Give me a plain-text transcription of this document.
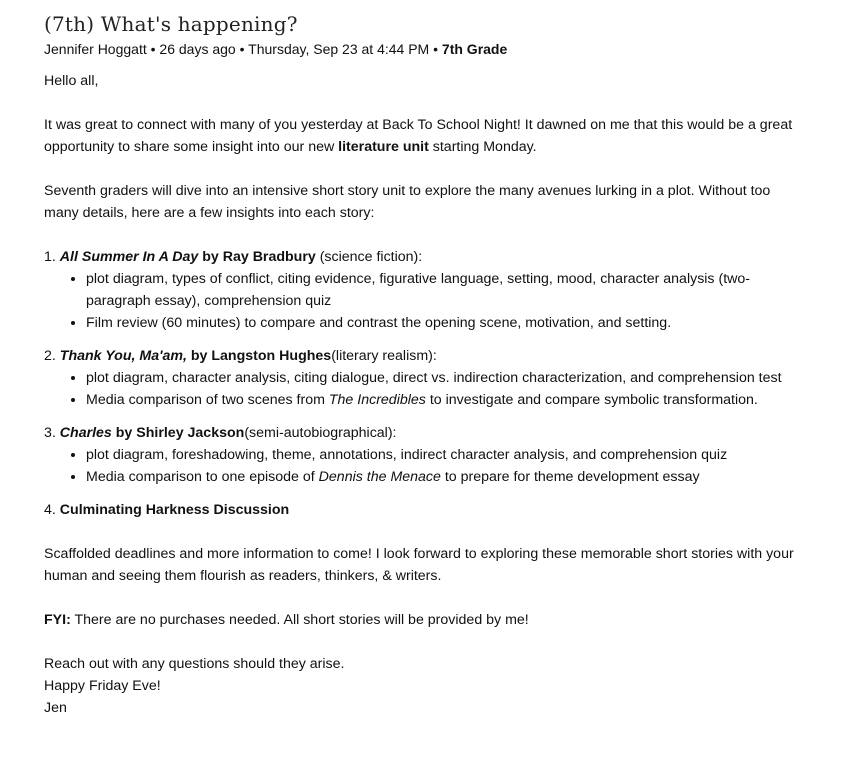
(7th) What's happening?
Jennifer Hoggatt • 26 days ago • Thursday, Sep 23 at 4:44 PM • 7th Grade

Hello all,

It was great to connect with many of you yesterday at Back To School Night! It dawned on me that this would be a great opportunity to share some insight into our new literature unit starting Monday.

Seventh graders will dive into an intensive short story unit to explore the many avenues lurking in a plot. Without too many details, here are a few insights into each story:

1. All Summer In A Day by Ray Bradbury (science fiction):
• plot diagram, types of conflict, citing evidence, figurative language, setting, mood, character analysis (two-paragraph essay), comprehension quiz
• Film review (60 minutes) to compare and contrast the opening scene, motivation, and setting.
2. Thank You, Ma'am, by Langston Hughes(literary realism):
• plot diagram, character analysis, citing dialogue, direct vs. indirection characterization, and comprehension test
• Media comparison of two scenes from The Incredibles to investigate and compare symbolic transformation.
3. Charles by Shirley Jackson(semi-autobiographical):
• plot diagram, foreshadowing, theme, annotations, indirect character analysis, and comprehension quiz
• Media comparison to one episode of Dennis the Menace to prepare for theme development essay
4. Culminating Harkness Discussion

Scaffolded deadlines and more information to come! I look forward to exploring these memorable short stories with your human and seeing them flourish as readers, thinkers, & writers.

FYI: There are no purchases needed. All short stories will be provided by me!

Reach out with any questions should they arise.

Happy Friday Eve!

Jen
